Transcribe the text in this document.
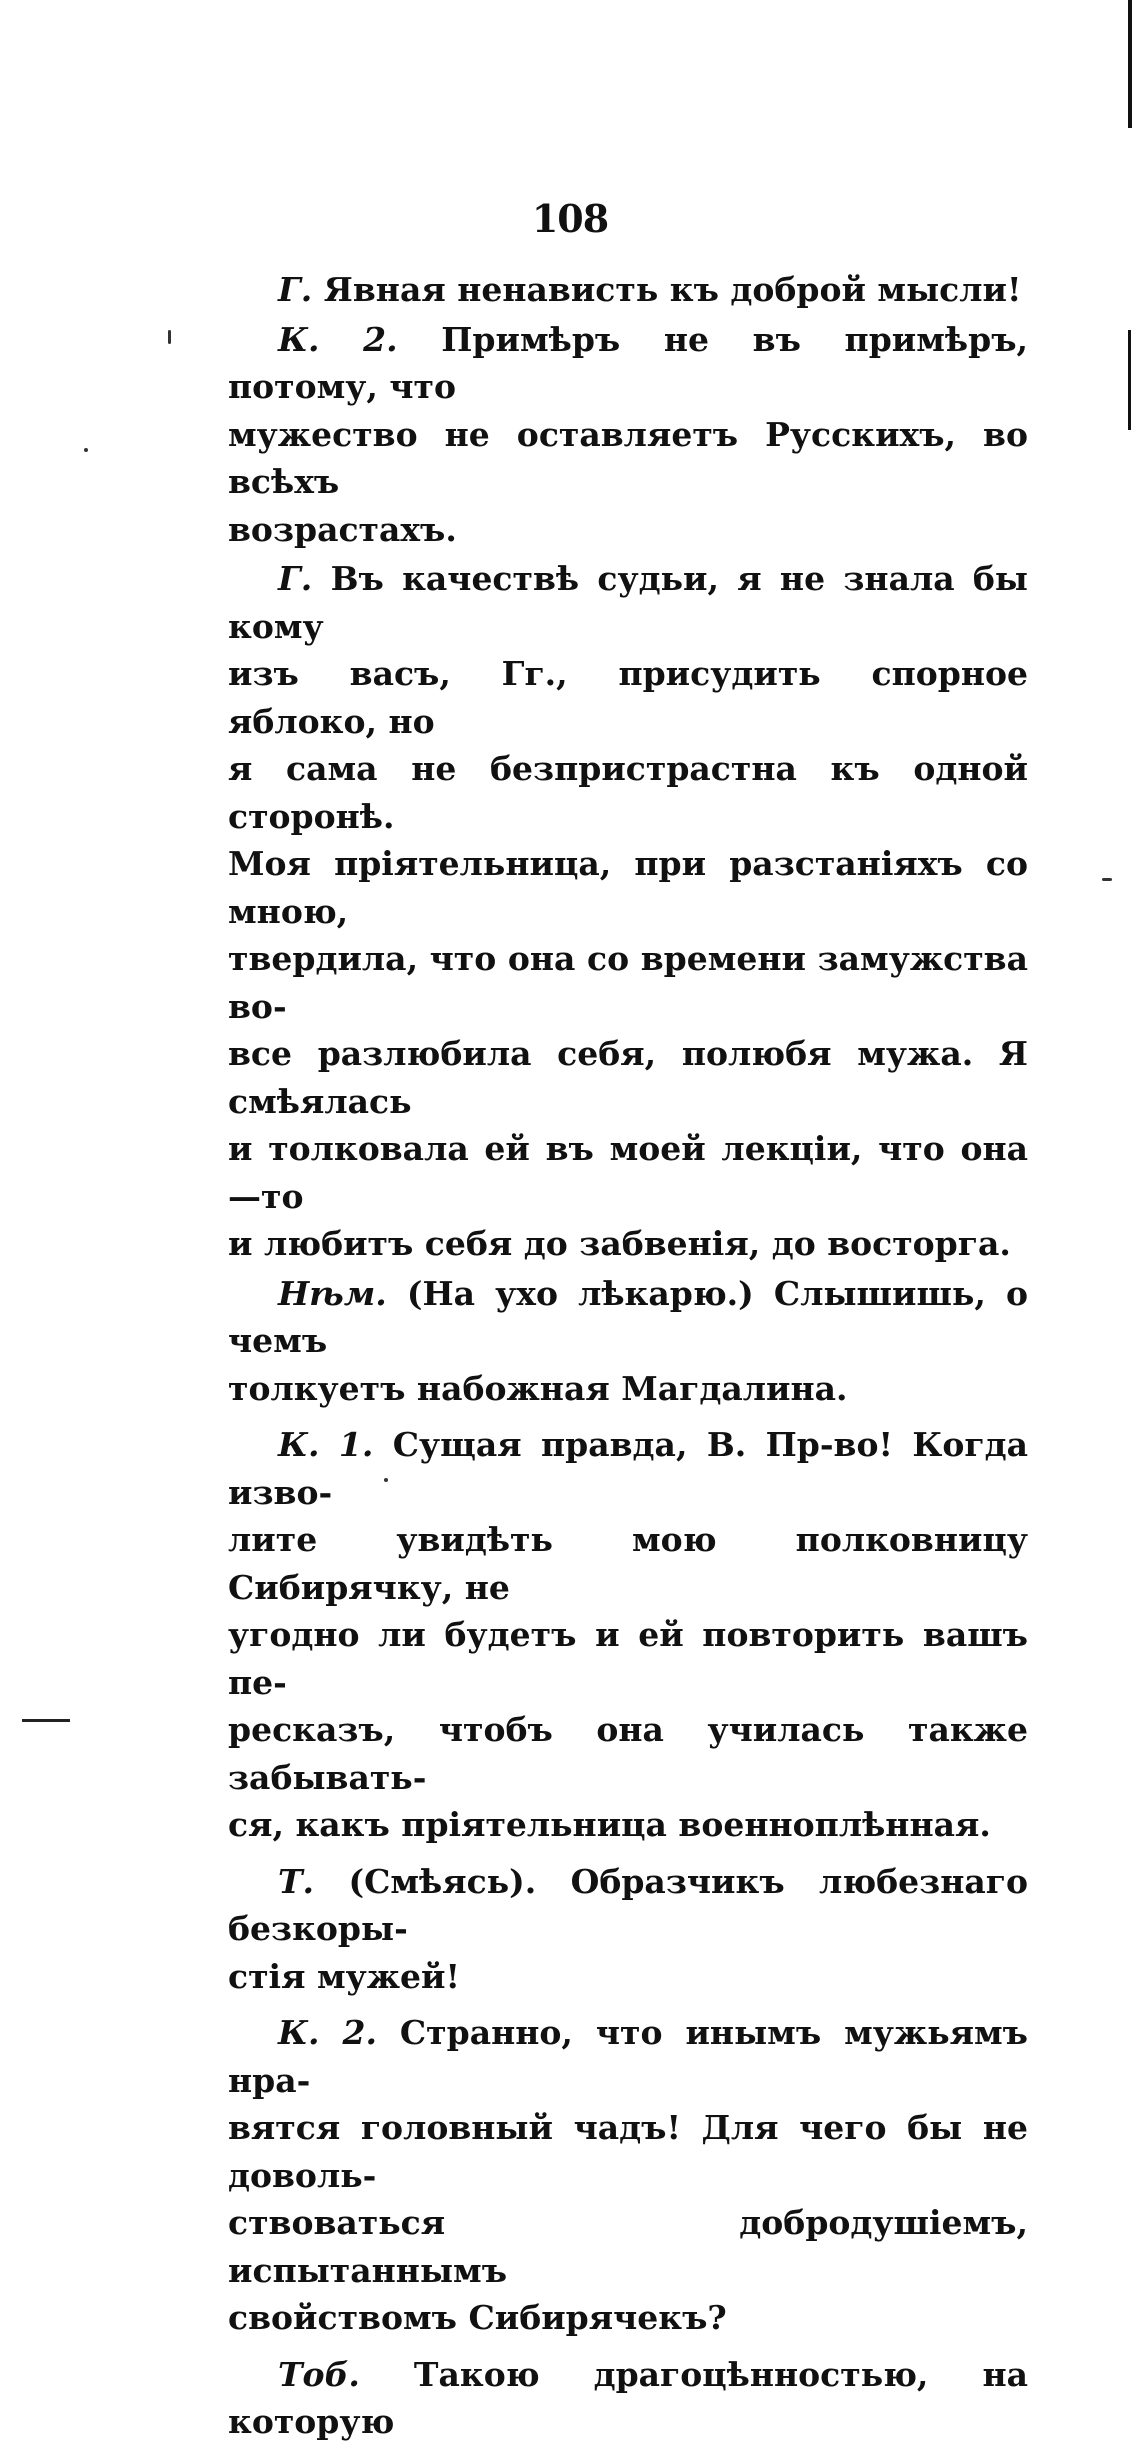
108

Г. Явная ненависть къ доброй мысли!

К. 2. Примѣръ не въ примѣръ, потому, что
мужество не оставляетъ Русскихъ, во всѣхъ
возрастахъ.

Г. Въ качествѣ судьи, я не знала бы кому
изъ васъ, Гг., присудить спорное яблоко, но
я сама не безпристрастна къ одной сторонѣ.
Моя пріятельница, при разстанiяхъ со мною,
твердила, что она со времени замужства во-
все разлюбила себя, полюбя мужа. Я смѣялась
и толковала ей въ моей лекціи, что она—то
и любитъ себя до забвенія, до восторга.

Нѣм. (На ухо лѣкарю.) Слышишь, о чемъ
толкуетъ набожная Магдалина.

К. 1. Сущая правда, В. Пр-во! Когда изво-
лите увидѣть мою полковницу Сибирячку, не
угодно ли будетъ и ей повторить вашъ пе-
ресказъ, чтобъ она училась также забывать-
ся, какъ пріятельница военноплѣнная.

Т. (Смѣясь). Образчикъ любезнаго безкоры-
стія мужей!

К. 2. Странно, что инымъ мужьямъ нра-
вятся головный чадъ! Для чего бы не доволь-
ствоваться добродушіемъ, испытаннымъ
свойствомъ Сибирячекъ?

Тоб. Такою драгоцѣнностью, на которую
